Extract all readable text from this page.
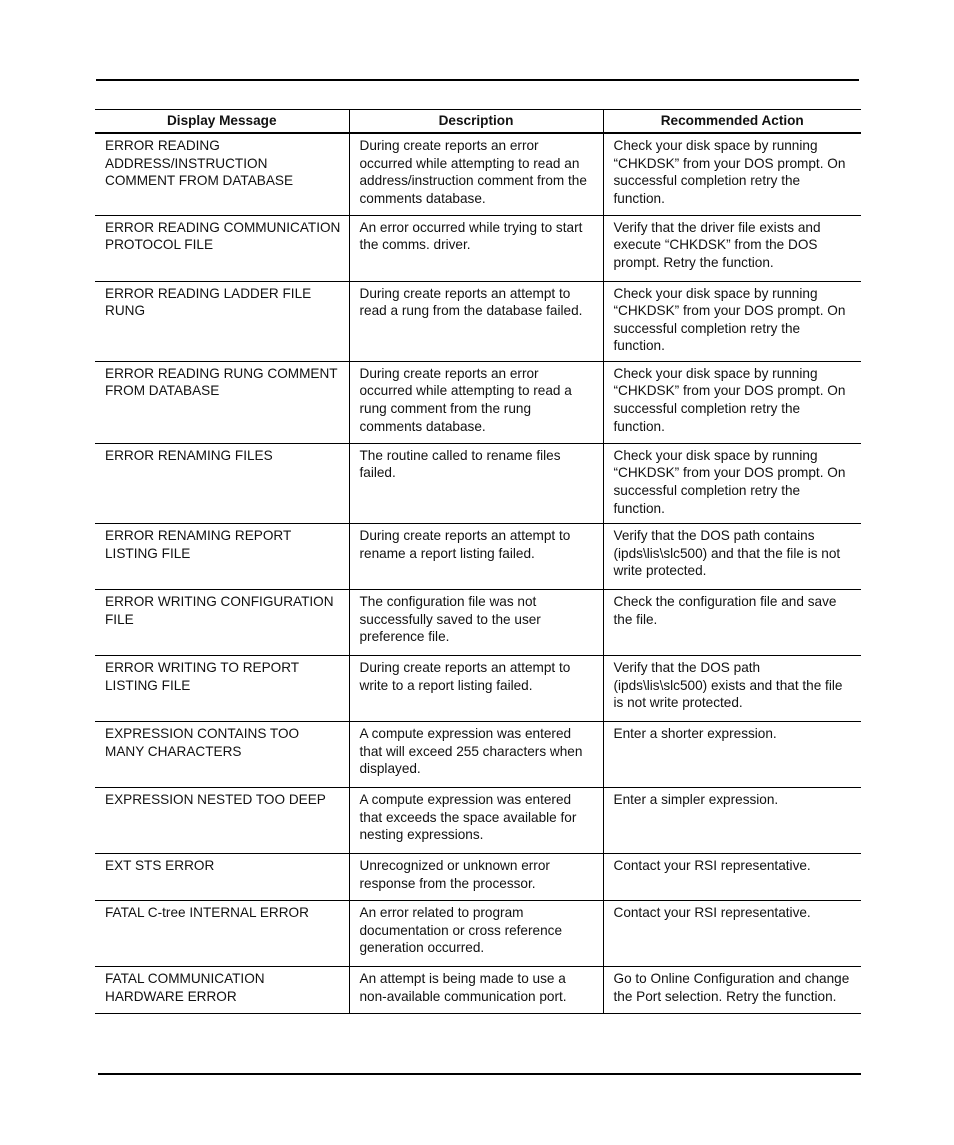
Display Message	Description	Recommended Action
ERROR READING ADDRESS/INSTRUCTION COMMENT FROM DATABASE	During create reports an error occurred while attempting to read an address/instruction comment from the comments database.	Check your disk space by running “CHKDSK” from your DOS prompt. On successful completion retry the function.
ERROR READING COMMUNICATION PROTOCOL FILE	An error occurred while trying to start the comms. driver.	Verify that the driver file exists and execute “CHKDSK” from the DOS prompt. Retry the function.
ERROR READING LADDER FILE RUNG	During create reports an attempt to read a rung from the database failed.	Check your disk space by running “CHKDSK” from your DOS prompt. On successful completion retry the function.
ERROR READING RUNG COMMENT FROM DATABASE	During create reports an error occurred while attempting to read a rung comment from the rung comments database.	Check your disk space by running “CHKDSK” from your DOS prompt. On successful completion retry the function.
ERROR RENAMING FILES	The routine called to rename files failed.	Check your disk space by running “CHKDSK” from your DOS prompt. On successful completion retry the function.
ERROR RENAMING REPORT LISTING FILE	During create reports an attempt to rename a report listing failed.	Verify that the DOS path contains (ipds\lis\slc500) and that the file is not write protected.
ERROR WRITING CONFIGURATION FILE	The configuration file was not successfully saved to the user preference file.	Check the configuration file and save the file.
ERROR WRITING TO REPORT LISTING FILE	During create reports an attempt to write to a report listing failed.	Verify that the DOS path (ipds\lis\slc500) exists and that the file is not write protected.
EXPRESSION CONTAINS TOO MANY CHARACTERS	A compute expression was entered that will exceed 255 characters when displayed.	Enter a shorter expression.
EXPRESSION NESTED TOO DEEP	A compute expression was entered that exceeds the space available for nesting expressions.	Enter a simpler expression.
EXT STS ERROR	Unrecognized or unknown error response from the processor.	Contact your RSI representative.
FATAL C-tree INTERNAL ERROR	An error related to program documentation or cross reference generation occurred.	Contact your RSI representative.
FATAL COMMUNICATION HARDWARE ERROR	An attempt is being made to use a non-available communication port.	Go to Online Configuration and change the Port selection. Retry the function.
